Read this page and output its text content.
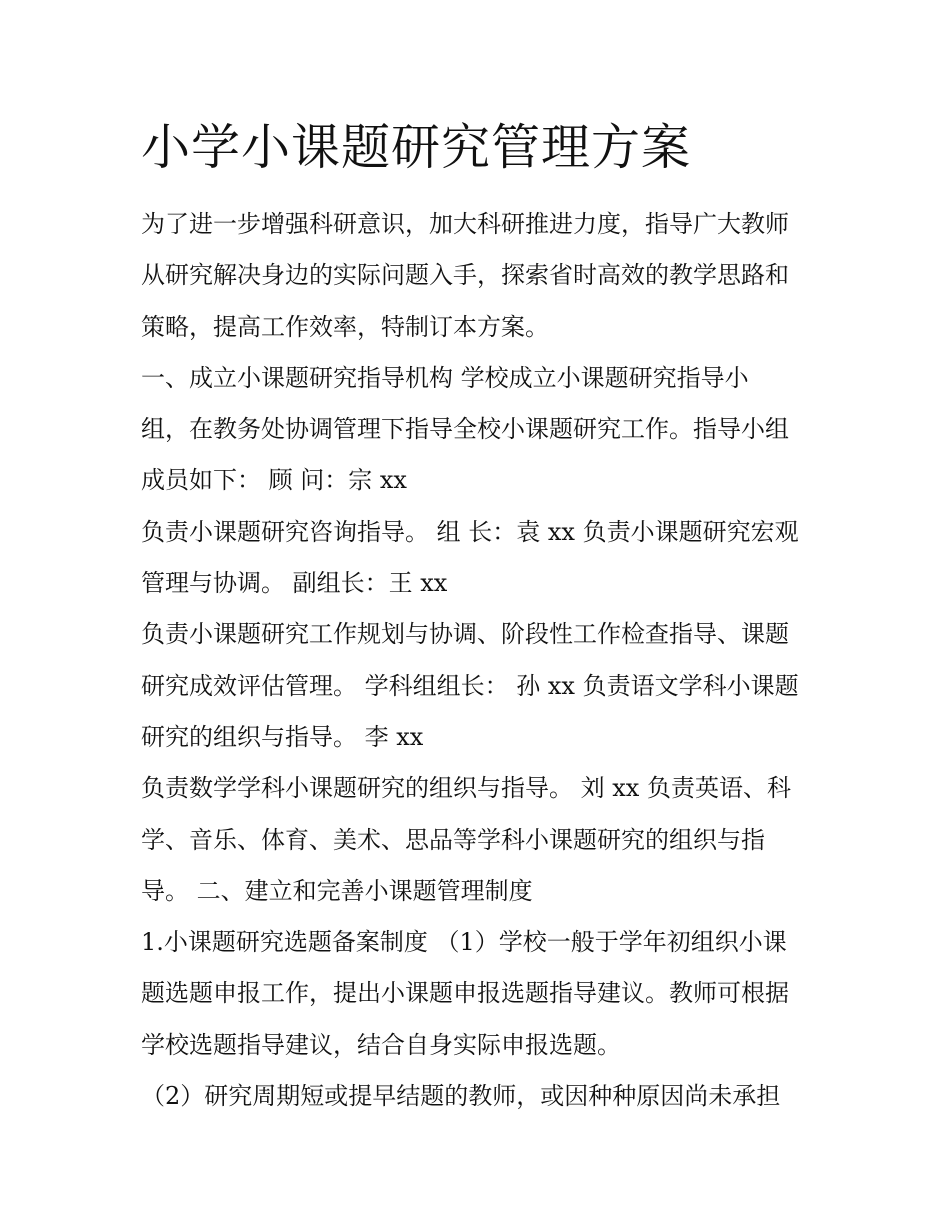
小学小课题研究管理方案
为了进一步增强科研意识，加大科研推进力度，指导广大教师
从研究解决身边的实际问题入手，探索省时高效的教学思路和
策略，提高工作效率，特制订本方案。
一、成立小课题研究指导机构 学校成立小课题研究指导小
组，在教务处协调管理下指导全校小课题研究工作。指导小组
成员如下： 顾 问：宗 xx
负责小课题研究咨询指导。 组 长：袁 xx 负责小课题研究宏观
管理与协调。 副组长：王 xx
负责小课题研究工作规划与协调、阶段性工作检查指导、课题
研究成效评估管理。 学科组组长： 孙 xx 负责语文学科小课题
研究的组织与指导。 李 xx
负责数学学科小课题研究的组织与指导。 刘 xx 负责英语、科
学、音乐、体育、美术、思品等学科小课题研究的组织与指
导。 二、建立和完善小课题管理制度
1.小课题研究选题备案制度 （1）学校一般于学年初组织小课
题选题申报工作，提出小课题申报选题指导建议。教师可根据
学校选题指导建议，结合自身实际申报选题。
（2）研究周期短或提早结题的教师，或因种种原因尚未承担
